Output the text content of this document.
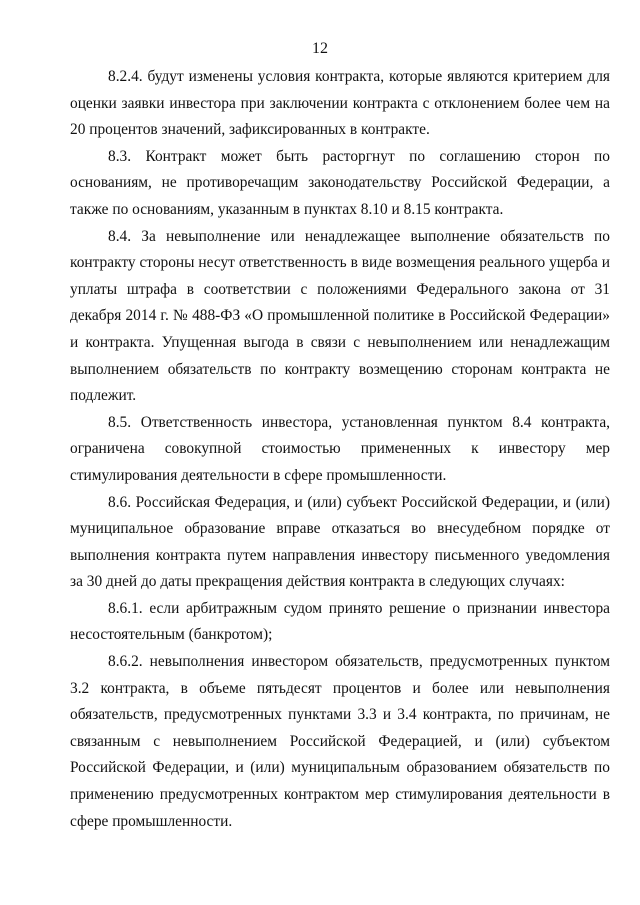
12

8.2.4. будут изменены условия контракта, которые являются критерием для оценки заявки инвестора при заключении контракта с отклонением более чем на 20 процентов значений, зафиксированных в контракте.

8.3. Контракт может быть расторгнут по соглашению сторон по основаниям, не противоречащим законодательству Российской Федерации, а также по основаниям, указанным в пунктах 8.10 и 8.15 контракта.

8.4. За невыполнение или ненадлежащее выполнение обязательств по контракту стороны несут ответственность в виде возмещения реального ущерба и уплаты штрафа в соответствии с положениями Федерального закона от 31 декабря 2014 г. № 488-ФЗ «О промышленной политике в Российской Федерации» и контракта. Упущенная выгода в связи с невыполнением или ненадлежащим выполнением обязательств по контракту возмещению сторонам контракта не подлежит.

8.5. Ответственность инвестора, установленная пунктом 8.4 контракта, ограничена совокупной стоимостью примененных к инвестору мер стимулирования деятельности в сфере промышленности.

8.6. Российская Федерация, и (или) субъект Российской Федерации, и (или) муниципальное образование вправе отказаться во внесудебном порядке от выполнения контракта путем направления инвестору письменного уведомления за 30 дней до даты прекращения действия контракта в следующих случаях:

8.6.1. если арбитражным судом принято решение о признании инвестора несостоятельным (банкротом);

8.6.2. невыполнения инвестором обязательств, предусмотренных пунктом 3.2 контракта, в объеме пятьдесят процентов и более или невыполнения обязательств, предусмотренных пунктами 3.3 и 3.4 контракта, по причинам, не связанным с невыполнением Российской Федерацией, и (или) субъектом Российской Федерации, и (или) муниципальным образованием обязательств по применению предусмотренных контрактом мер стимулирования деятельности в сфере промышленности.
